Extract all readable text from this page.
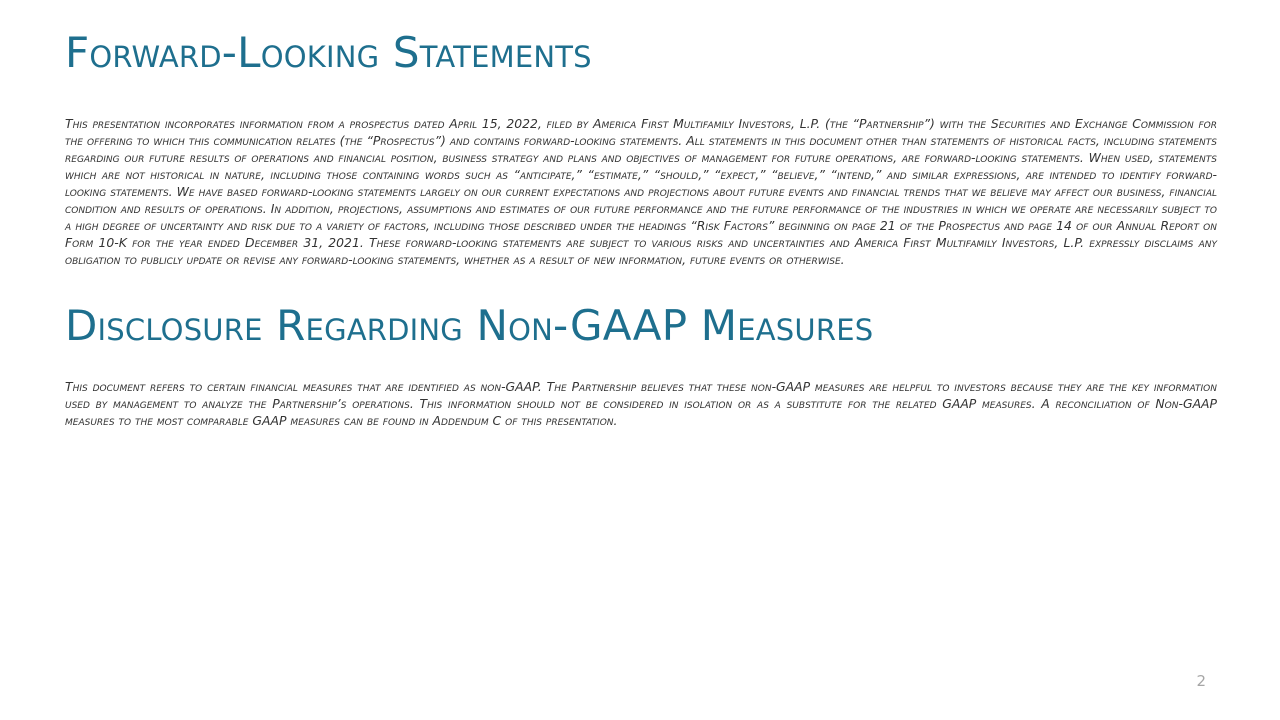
Forward-Looking Statements

This presentation incorporates information from a prospectus dated April 15, 2022, filed by America First Multifamily Investors, L.P. (the “Partnership”) with the Securities and Exchange Commission for the offering to which this communication relates (the “Prospectus”) and contains forward-looking statements. All statements in this document other than statements of historical facts, including statements regarding our future results of operations and financial position, business strategy and plans and objectives of management for future operations, are forward-looking statements. When used, statements which are not historical in nature, including those containing words such as “anticipate,” “estimate,” “should,” “expect,” “believe,” “intend,” and similar expressions, are intended to identify forward-looking statements. We have based forward-looking statements largely on our current expectations and projections about future events and financial trends that we believe may affect our business, financial condition and results of operations. In addition, projections, assumptions and estimates of our future performance and the future performance of the industries in which we operate are necessarily subject to a high degree of uncertainty and risk due to a variety of factors, including those described under the headings “Risk Factors” beginning on page 21 of the Prospectus and page 14 of our Annual Report on Form 10-K for the year ended December 31, 2021. These forward-looking statements are subject to various risks and uncertainties and America First Multifamily Investors, L.P. expressly disclaims any obligation to publicly update or revise any forward-looking statements, whether as a result of new information, future events or otherwise.

Disclosure Regarding Non-GAAP Measures

This document refers to certain financial measures that are identified as non-GAAP. The Partnership believes that these non-GAAP measures are helpful to investors because they are the key information used by management to analyze the Partnership’s operations. This information should not be considered in isolation or as a substitute for the related GAAP measures. A reconciliation of Non-GAAP measures to the most comparable GAAP measures can be found in Addendum C of this presentation.

2
